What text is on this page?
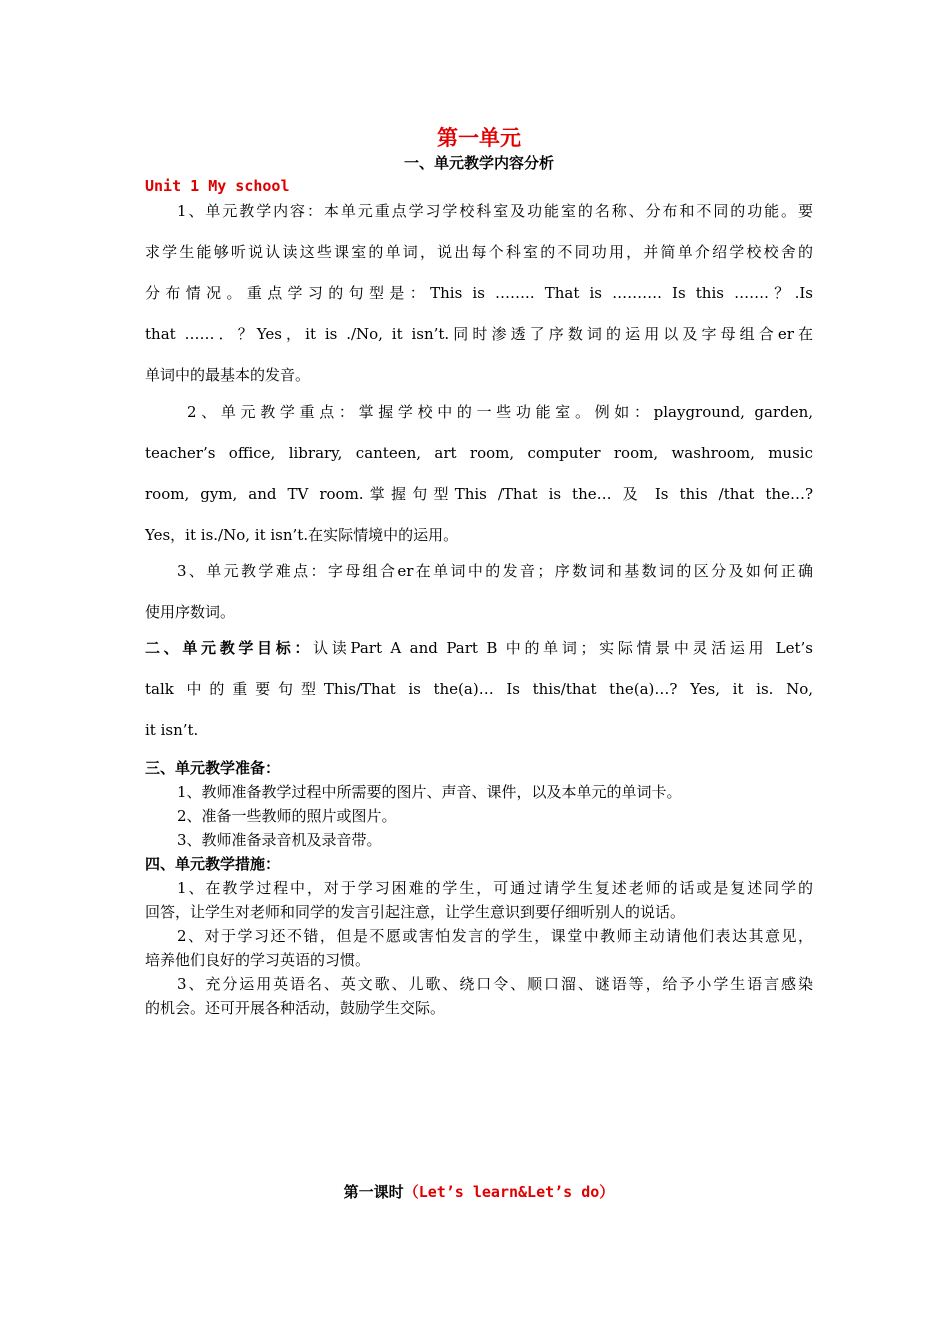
第一单元
一、单元教学内容分析
Unit 1 My school
1、单元教学内容：本单元重点学习学校科室及功能室的名称、分布和不同的功能。要
求学生能够听说认读这些课室的单词，说出每个科室的不同功用，并简单介绍学校校舍的
分布情况。重点学习的句型是：This is …….. That is ………. Is this …….？.Is
that ……．？Yes，it is ./No, it isn’t.同时渗透了序数词的运用以及字母组合er在
单词中的最基本的发音。
2、单元教学重点：掌握学校中的一些功能室。例如：playground, garden,
teacher’s office, library, canteen, art room, computer room, washroom, music
room, gym, and TV room.掌握句型This /That is the… 及 Is this /that the…?
Yes，it is./No, it isn’t.在实际情境中的运用。
3、单元教学难点：字母组合er在单词中的发音；序数词和基数词的区分及如何正确
使用序数词。
二、单元教学目标：认读Part A and Part B 中的单词；实际情景中灵活运用 Let’s
talk 中的重要句型This/That is the(a)… Is this/that the(a)…? Yes, it is. No,
it isn’t.
三、单元教学准备：
1、教师准备教学过程中所需要的图片、声音、课件，以及本单元的单词卡。
2、准备一些教师的照片或图片。
3、教师准备录音机及录音带。
四、单元教学措施：
1、在教学过程中，对于学习困难的学生，可通过请学生复述老师的话或是复述同学的
回答，让学生对老师和同学的发言引起注意，让学生意识到要仔细听别人的说话。
2、对于学习还不错，但是不愿或害怕发言的学生，课堂中教师主动请他们表达其意见，
培养他们良好的学习英语的习惯。
3、充分运用英语名、英文歌、儿歌、绕口令、顺口溜、谜语等，给予小学生语言感染
的机会。还可开展各种活动，鼓励学生交际。
第一课时（Let’s learn&Let’s do）
